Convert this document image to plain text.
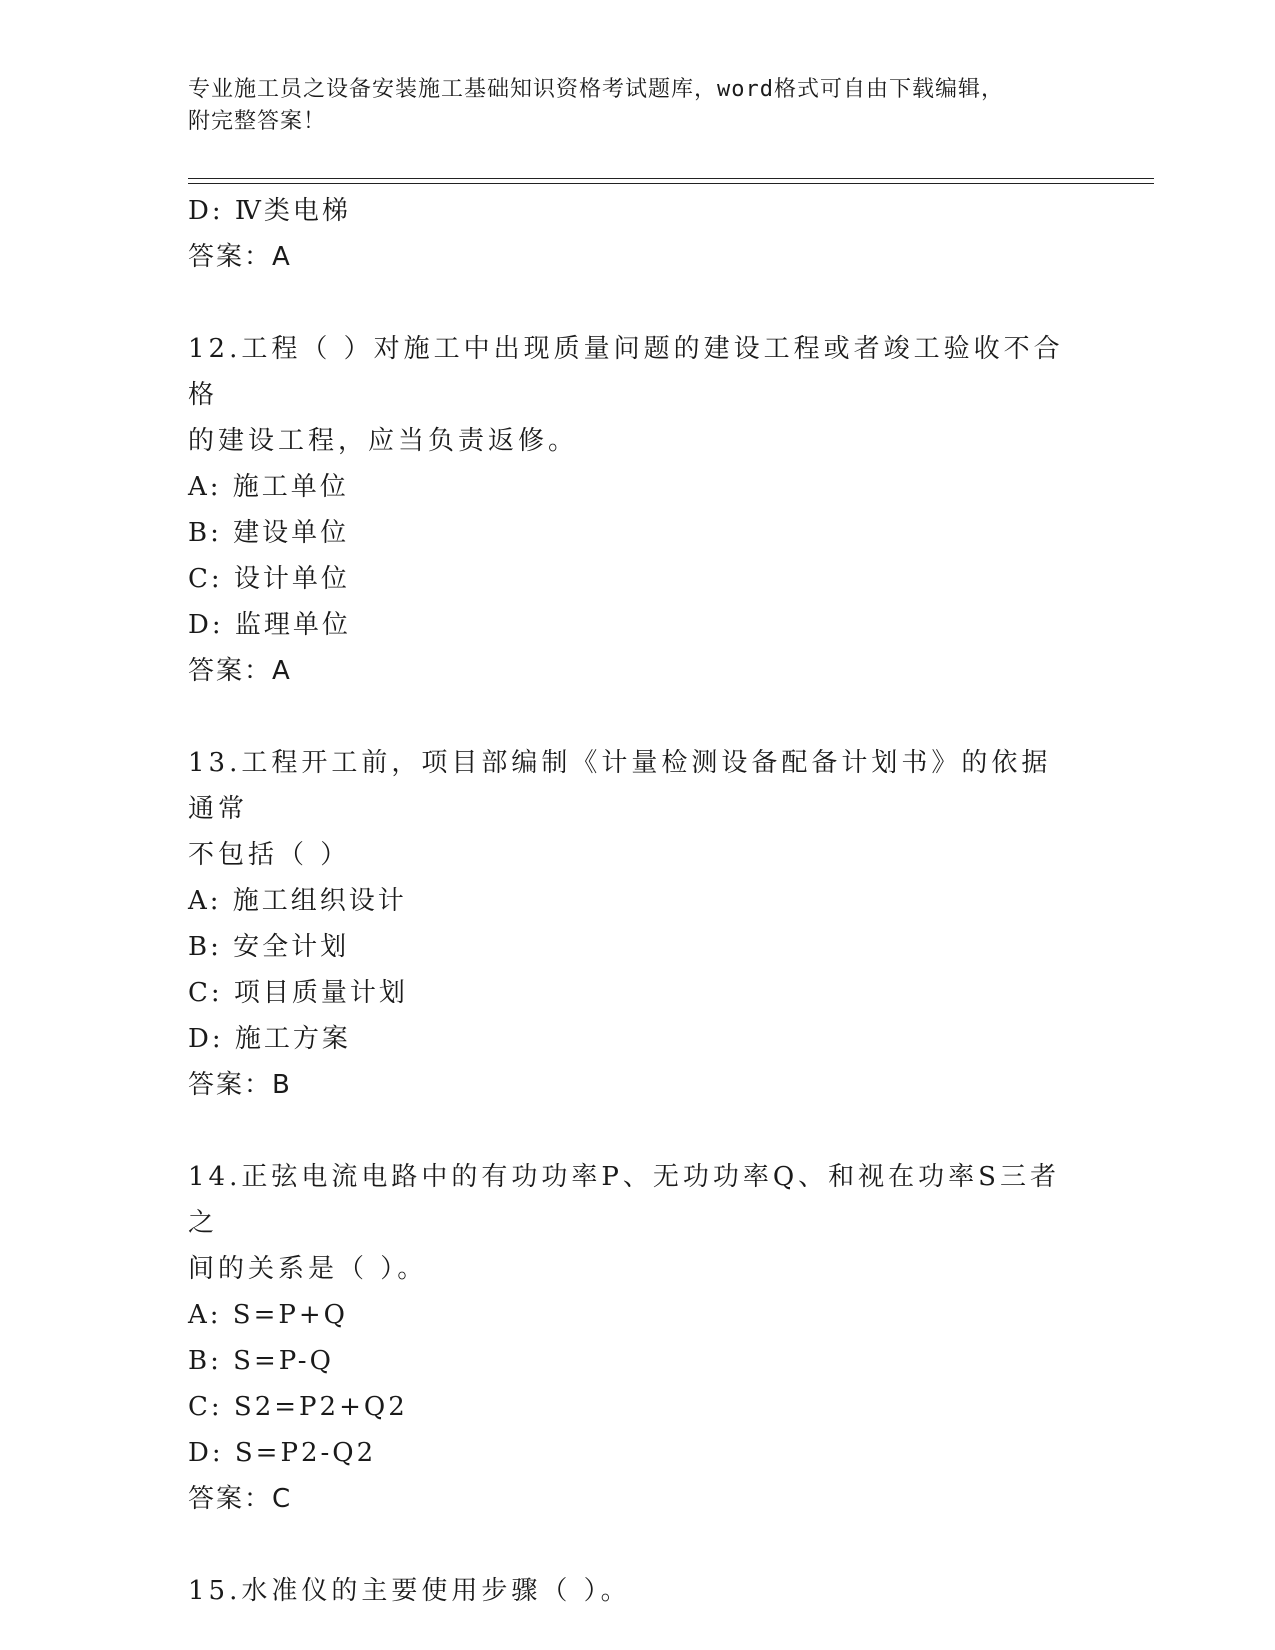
专业施工员之设备安装施工基础知识资格考试题库，word格式可自由下载编辑，
附完整答案！
D: Ⅳ类电梯
答案：A
12.工程（ ）对施工中出现质量问题的建设工程或者竣工验收不合格
的建设工程，应当负责返修。
A: 施工单位
B: 建设单位
C: 设计单位
D: 监理单位
答案：A
13.工程开工前，项目部编制《计量检测设备配备计划书》的依据通常
不包括（ ）
A: 施工组织设计
B: 安全计划
C: 项目质量计划
D: 施工方案
答案：B
14.正弦电流电路中的有功功率P、无功功率Q、和视在功率S三者之
间的关系是（ ）。
A: S=P+Q
B: S=P-Q
C: S2=P2+Q2
D: S=P2-Q2
答案：C
15.水准仪的主要使用步骤（ ）。
